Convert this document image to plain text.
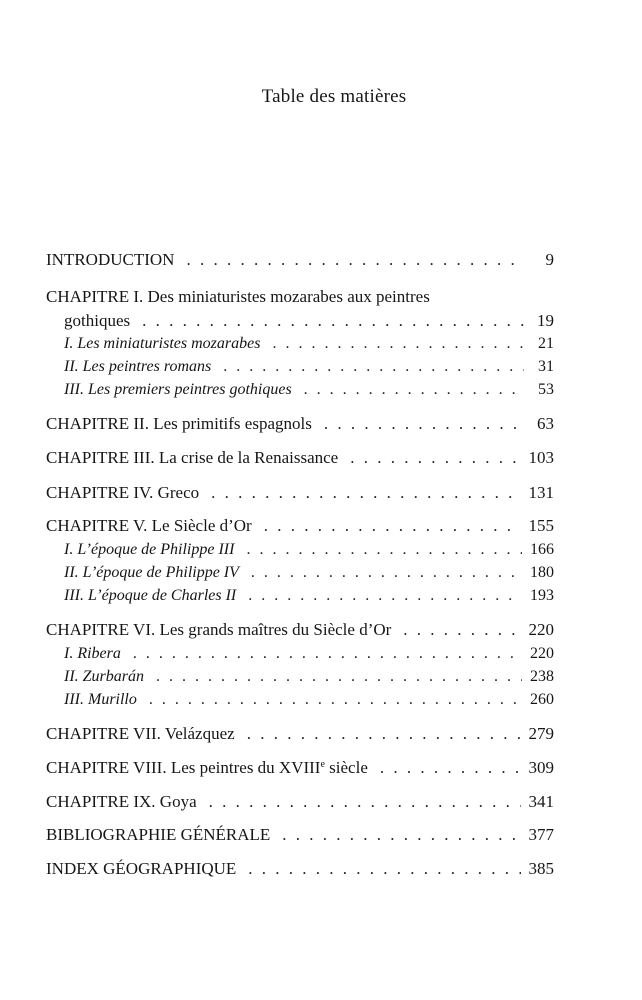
Table des matières
INTRODUCTION . . .	9
CHAPITRE I. Des miniaturistes mozarabes aux peintres
gothiques . . .	19
I. Les miniaturistes mozarabes . . .	21
II. Les peintres romans . . .	31
III. Les premiers peintres gothiques . . .	53
CHAPITRE II. Les primitifs espagnols . . .	63
CHAPITRE III. La crise de la Renaissance . . .	103
CHAPITRE IV. Greco . . .	131
CHAPITRE V. Le Siècle d’Or . . .	155
I. L’époque de Philippe III . . .	166
II. L’époque de Philippe IV . . .	180
III. L’époque de Charles II . . .	193
CHAPITRE VI. Les grands maîtres du Siècle d’Or . . .	220
I. Ribera . . .	220
II. Zurbarán . . .	238
III. Murillo . . .	260
CHAPITRE VII. Velázquez . . .	279
CHAPITRE VIII. Les peintres du XVIIIe siècle . . .	309
CHAPITRE IX. Goya . . .	341
BIBLIOGRAPHIE GÉNÉRALE . . .	377
INDEX GÉOGRAPHIQUE . . .	385
